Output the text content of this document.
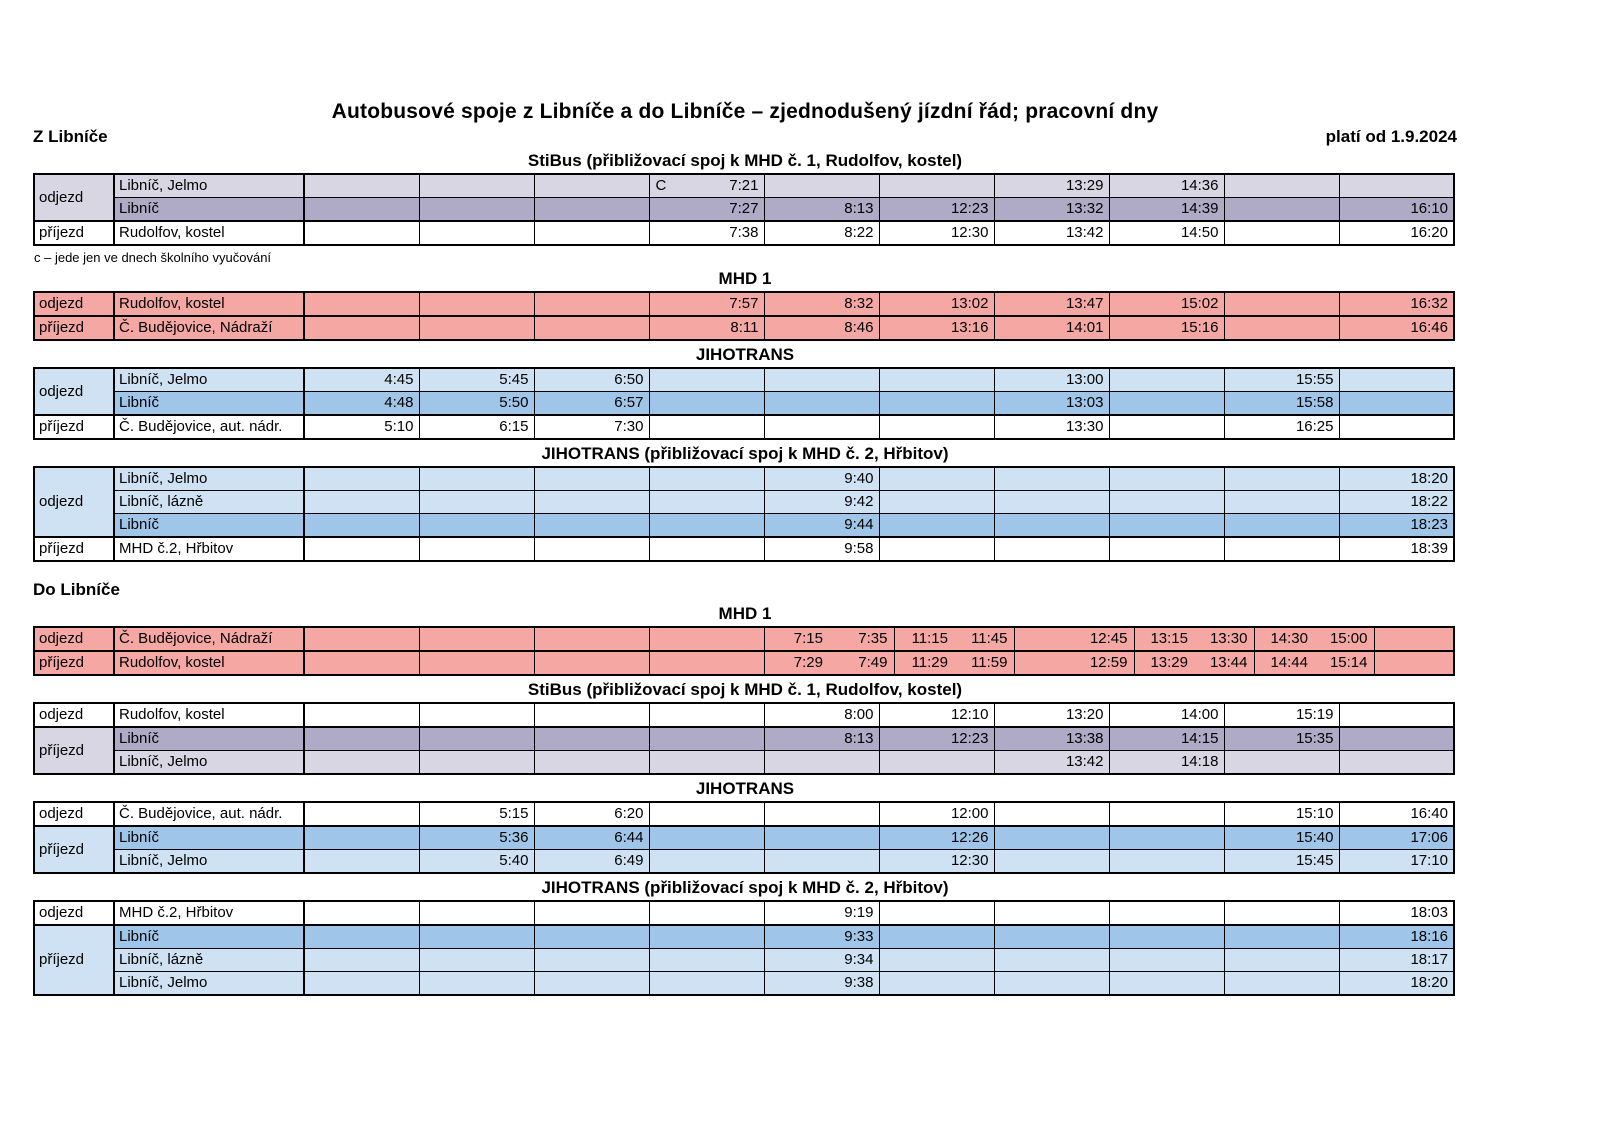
Autobusové spoje z Libníče a do Libníče – zjednodušený jízdní řád; pracovní dny
Z Libníče	platí od 1.9.2024
StiBus (přibližovací spoj k MHD č. 1, Rudolfov, kostel)
odjezd	Libníč, Jelmo				C 7:21			13:29	14:36		
	Libníč				7:27	8:13	12:23	13:32	14:39		16:10
příjezd	Rudolfov, kostel				7:38	8:22	12:30	13:42	14:50		16:20
c – jede jen ve dnech školního vyučování
MHD 1
odjezd	Rudolfov, kostel				7:57	8:32	13:02	13:47	15:02		16:32
příjezd	Č. Budějovice, Nádraží				8:11	8:46	13:16	14:01	15:16		16:46
JIHOTRANS
odjezd	Libníč, Jelmo	4:45	5:45	6:50				13:00		15:55	
	Libníč	4:48	5:50	6:57				13:03		15:58	
příjezd	Č. Budějovice, aut. nádr.	5:10	6:15	7:30				13:30		16:25	
JIHOTRANS (přibližovací spoj k MHD č. 2, Hřbitov)
odjezd	Libníč, Jelmo					9:40					18:20
	Libníč, lázně					9:42					18:22
	Libníč					9:44					18:23
příjezd	MHD č.2, Hřbitov					9:58					18:39
Do Libníče
MHD 1
odjezd	Č. Budějovice, Nádraží					7:15 7:35	11:15 11:45	12:45	13:15 13:30	14:30 15:00	
příjezd	Rudolfov, kostel					7:29 7:49	11:29 11:59	12:59	13:29 13:44	14:44 15:14	
StiBus (přibližovací spoj k MHD č. 1, Rudolfov, kostel)
odjezd	Rudolfov, kostel					8:00	12:10	13:20	14:00	15:19	
příjezd	Libníč					8:13	12:23	13:38	14:15	15:35	
	Libníč, Jelmo							13:42	14:18		
JIHOTRANS
odjezd	Č. Budějovice, aut. nádr.		5:15	6:20			12:00			15:10	16:40
příjezd	Libníč		5:36	6:44			12:26			15:40	17:06
	Libníč, Jelmo		5:40	6:49			12:30			15:45	17:10
JIHOTRANS (přibližovací spoj k MHD č. 2, Hřbitov)
odjezd	MHD č.2, Hřbitov					9:19					18:03
příjezd	Libníč					9:33					18:16
	Libníč, lázně					9:34					18:17
	Libníč, Jelmo					9:38					18:20
